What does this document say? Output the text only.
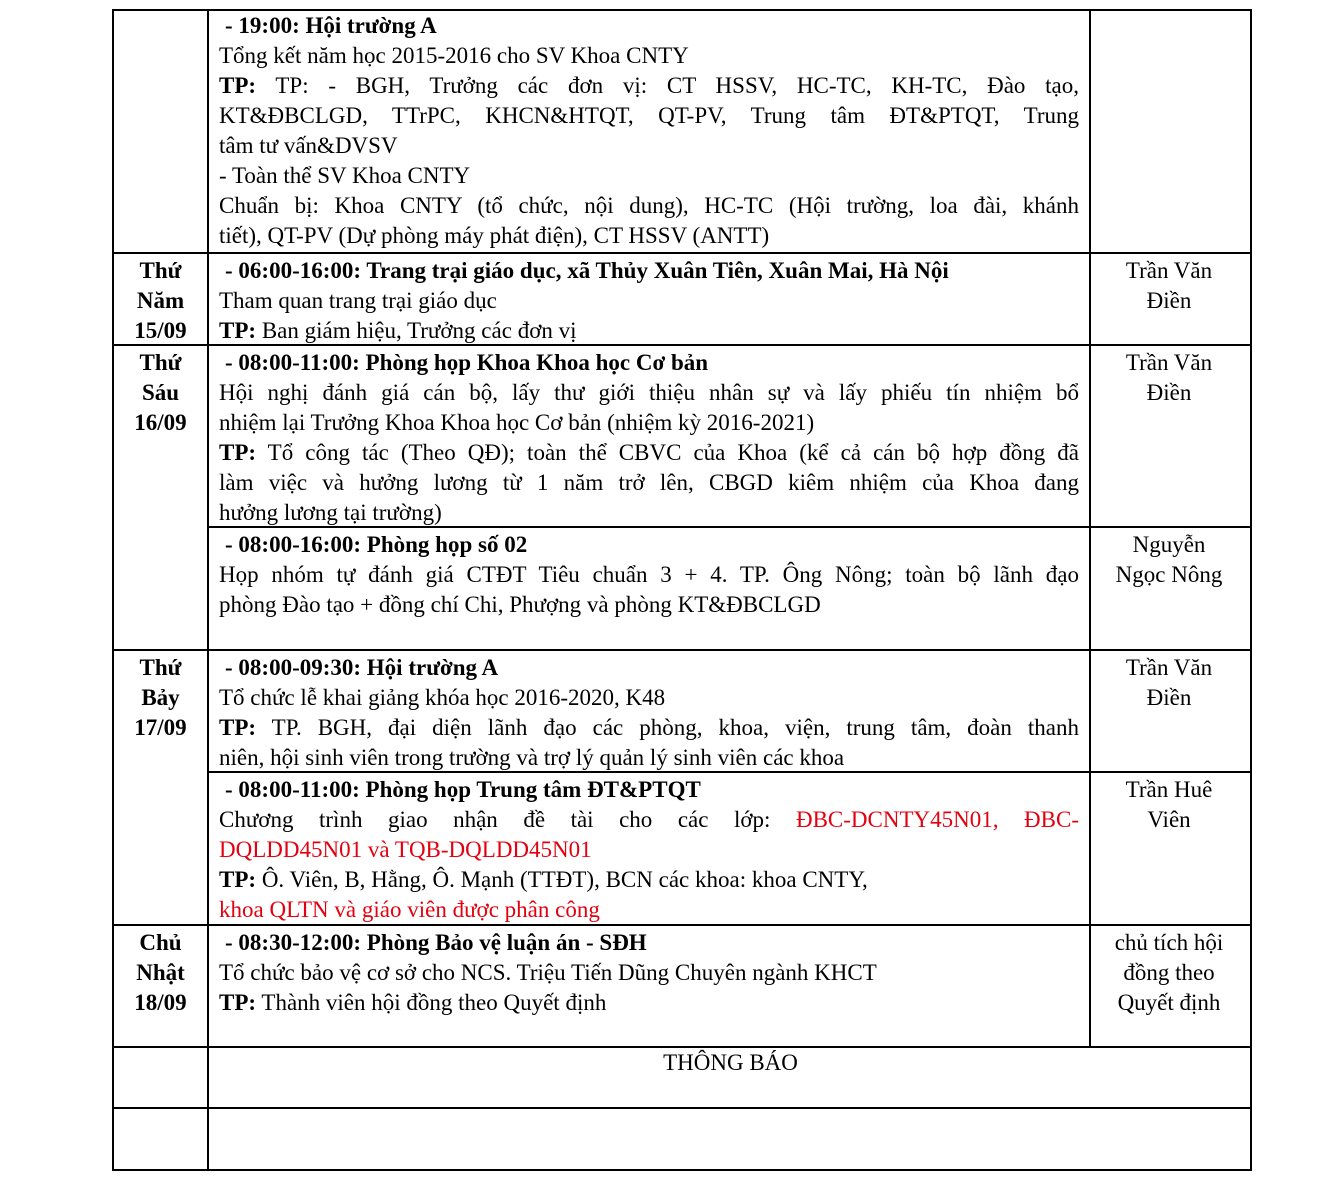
- 19:00: Hội trường A
Tổng kết năm học 2015-2016 cho SV Khoa CNTY
TP: TP: - BGH, Trưởng các đơn vị: CT HSSV, HC-TC, KH-TC, Đào tạo,
KT&ĐBCLGD, TTrPC, KHCN&HTQT, QT-PV, Trung tâm ĐT&PTQT, Trung
tâm tư vấn&DVSV
- Toàn thể SV Khoa CNTY
Chuẩn bị: Khoa CNTY (tổ chức, nội dung), HC-TC (Hội trường, loa đài, khánh
tiết), QT-PV (Dự phòng máy phát điện), CT HSSV (ANTT)
Thứ
Năm
15/09
- 06:00-16:00: Trang trại giáo dục, xã Thủy Xuân Tiên, Xuân Mai, Hà Nội
Tham quan trang trại giáo dục
TP: Ban giám hiệu, Trưởng các đơn vị
Trần Văn
Điền
Thứ
Sáu
16/09
- 08:00-11:00: Phòng họp Khoa Khoa học Cơ bản
Hội nghị đánh giá cán bộ, lấy thư giới thiệu nhân sự và lấy phiếu tín nhiệm bổ
nhiệm lại Trưởng Khoa Khoa học Cơ bản (nhiệm kỳ 2016-2021)
TP: Tổ công tác (Theo QĐ); toàn thể CBVC của Khoa (kể cả cán bộ hợp đồng đã
làm việc và hưởng lương từ 1 năm trở lên, CBGD kiêm nhiệm của Khoa đang
hưởng lương tại trường)
Trần Văn
Điền
- 08:00-16:00: Phòng họp số 02
Họp nhóm tự đánh giá CTĐT Tiêu chuẩn 3 + 4. TP. Ông Nông; toàn bộ lãnh đạo
phòng Đào tạo + đồng chí Chi, Phượng và phòng KT&ĐBCLGD
Nguyễn
Ngọc Nông
Thứ
Bảy
17/09
- 08:00-09:30: Hội trường A
Tổ chức lễ khai giảng khóa học 2016-2020, K48
TP: TP. BGH, đại diện lãnh đạo các phòng, khoa, viện, trung tâm, đoàn thanh
niên, hội sinh viên trong trường và trợ lý quản lý sinh viên các khoa
Trần Văn
Điền
- 08:00-11:00: Phòng họp Trung tâm ĐT&PTQT
Chương trình giao nhận đề tài cho các lớp: ĐBC-DCNTY45N01, ĐBC-
DQLDD45N01 và TQB-DQLDD45N01
TP: Ô. Viên, B, Hằng, Ô. Mạnh (TTĐT), BCN các khoa: khoa CNTY,
khoa QLTN và giáo viên được phân công
Trần Huê
Viên
Chủ
Nhật
18/09
- 08:30-12:00: Phòng Bảo vệ luận án - SĐH
Tổ chức bảo vệ cơ sở cho NCS. Triệu Tiến Dũng Chuyên ngành KHCT
TP: Thành viên hội đồng theo Quyết định
chủ tích hội
đồng theo
Quyết định
THÔNG BÁO
